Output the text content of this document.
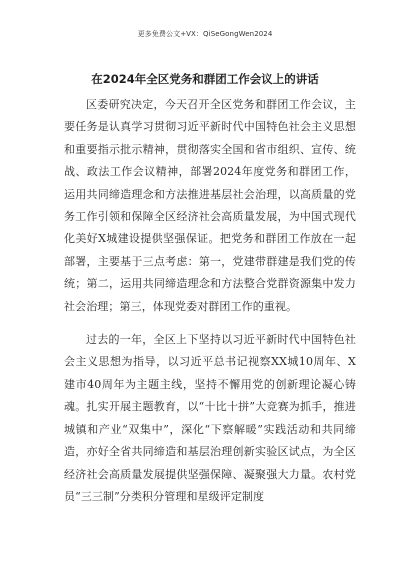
更多免费公文+VX：QiSeGongWen2024
在2024年全区党务和群团工作会议上的讲话

区委研究决定，今天召开全区党务和群团工作会议，主要任务是认真学习贯彻习近平新时代中国特色社会主义思想和重要指示批示精神，贯彻落实全国和省市组织、宣传、统战、政法工作会议精神，部署2024年度党务和群团工作，运用共同缔造理念和方法推进基层社会治理，以高质量的党务工作引领和保障全区经济社会高质量发展，为中国式现代化美好X城建设提供坚强保证。把党务和群团工作放在一起部署，主要基于三点考虑：第一，党建带群建是我们党的传统；第二，运用共同缔造理念和方法整合党群资源集中发力社会治理；第三，体现党委对群团工作的重视。

过去的一年，全区上下坚持以习近平新时代中国特色社会主义思想为指导，以习近平总书记视察XX城10周年、X建市40周年为主题主线，坚持不懈用党的创新理论凝心铸魂。扎实开展主题教育，以“十比十拼”大竞赛为抓手，推进城镇和产业“双集中”，深化“下察解暖”实践活动和共同缔造，亦好全省共同缔造和基层治理创新实验区试点，为全区经济社会高质量发展提供坚强保障、凝聚强大力量。农村党员“三三制”分类积分管理和星级评定制度
